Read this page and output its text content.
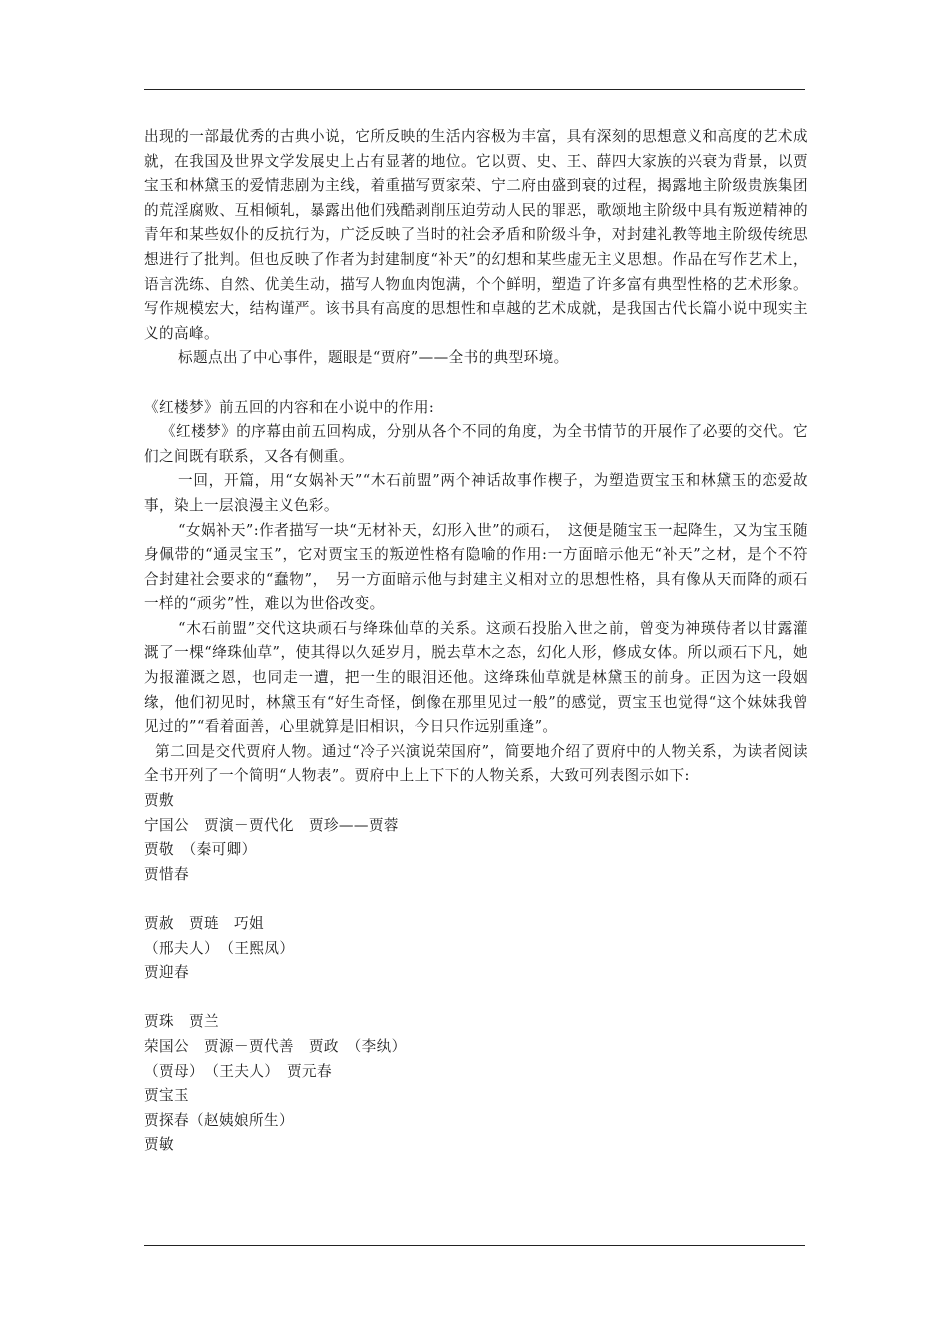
出现的一部最优秀的古典小说，它所反映的生活内容极为丰富，具有深刻的思想意义和高度的艺术成就，在我国及世界文学发展史上占有显著的地位。它以贾、史、王、薛四大家族的兴衰为背景，以贾宝玉和林黛玉的爱情悲剧为主线，着重描写贾家荣、宁二府由盛到衰的过程，揭露地主阶级贵族集团的荒淫腐败、互相倾轧，暴露出他们残酷剥削压迫劳动人民的罪恶，歌颂地主阶级中具有叛逆精神的青年和某些奴仆的反抗行为，广泛反映了当时的社会矛盾和阶级斗争，对封建礼教等地主阶级传统思想进行了批判。但也反映了作者为封建制度“补天”的幻想和某些虚无主义思想。作品在写作艺术上，语言洗练、自然、优美生动，描写人物血肉饱满，个个鲜明，塑造了许多富有典型性格的艺术形象。写作规模宏大，结构谨严。该书具有高度的思想性和卓越的艺术成就，是我国古代长篇小说中现实主义的高峰。

标题点出了中心事件，题眼是“贾府”——全书的典型环境。

《红楼梦》前五回的内容和在小说中的作用:

《红楼梦》的序幕由前五回构成，分别从各个不同的角度，为全书情节的开展作了必要的交代。它们之间既有联系，又各有侧重。

一回，开篇，用“女娲补天”“木石前盟”两个神话故事作楔子，为塑造贾宝玉和林黛玉的恋爱故事，染上一层浪漫主义色彩。

“女娲补天”:作者描写一块“无材补天，幻形入世”的顽石，　这便是随宝玉一起降生，又为宝玉随身佩带的“通灵宝玉”，它对贾宝玉的叛逆性格有隐喻的作用:一方面暗示他无“补天”之材，是个不符合封建社会要求的“蠢物”，　另一方面暗示他与封建主义相对立的思想性格，具有像从天而降的顽石一样的“顽劣”性，难以为世俗改变。

“木石前盟”交代这块顽石与绛珠仙草的关系。这顽石投胎入世之前，曾变为神瑛侍者以甘露灌溉了一棵“绛珠仙草”，使其得以久延岁月，脱去草木之态，幻化人形，修成女体。所以顽石下凡，她为报灌溉之恩，也同走一遭，把一生的眼泪还他。这绛珠仙草就是林黛玉的前身。正因为这一段姻缘，他们初见时，林黛玉有“好生奇怪，倒像在那里见过一般”的感觉，贾宝玉也觉得“这个妹妹我曾见过的”“看着面善，心里就算是旧相识，今日只作远别重逢”。

第二回是交代贾府人物。通过“冷子兴演说荣国府”，简要地介绍了贾府中的人物关系，为读者阅读全书开列了一个简明“人物表”。贾府中上上下下的人物关系，大致可列表图示如下:

贾敷

宁国公　贾演－贾代化　贾珍——贾蓉

贾敬　（秦可卿）

贾惜春

贾赦　贾琏　巧姐

（邢夫人）　（王熙凤）

贾迎春

贾珠　贾兰

荣国公　贾源－贾代善　贾政　（李纨）

（贾母）　（王夫人）　贾元春

贾宝玉

贾探春（赵姨娘所生）

贾敏
